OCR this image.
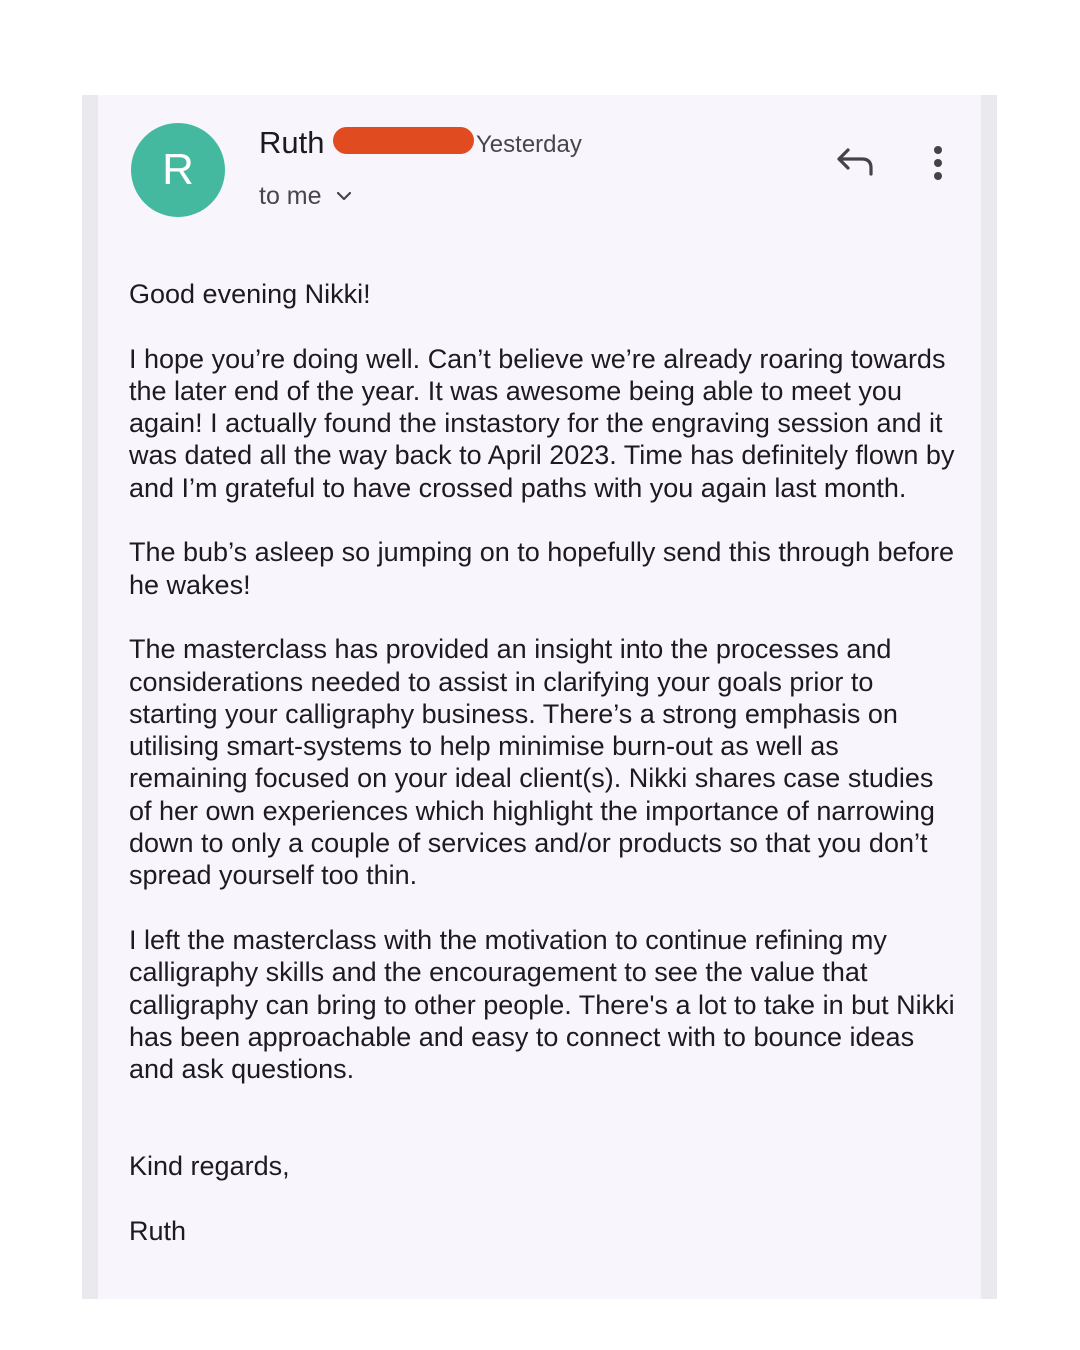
R
Ruth	Yesterday
to me

Good evening Nikki!

I hope you’re doing well. Can’t believe we’re already roaring towards the later end of the year. It was awesome being able to meet you again! I actually found the instastory for the engraving session and it was dated all the way back to April 2023. Time has definitely flown by and I’m grateful to have crossed paths with you again last month.

The bub’s asleep so jumping on to hopefully send this through before he wakes!

The masterclass has provided an insight into the processes and considerations needed to assist in clarifying your goals prior to starting your calligraphy business. There’s a strong emphasis on utilising smart-systems to help minimise burn-out as well as remaining focused on your ideal client(s). Nikki shares case studies of her own experiences which highlight the importance of narrowing down to only a couple of services and/or products so that you don’t spread yourself too thin.

I left the masterclass with the motivation to continue refining my calligraphy skills and the encouragement to see the value that calligraphy can bring to other people. There's a lot to take in but Nikki has been approachable and easy to connect with to bounce ideas and ask questions.

Kind regards,

Ruth
